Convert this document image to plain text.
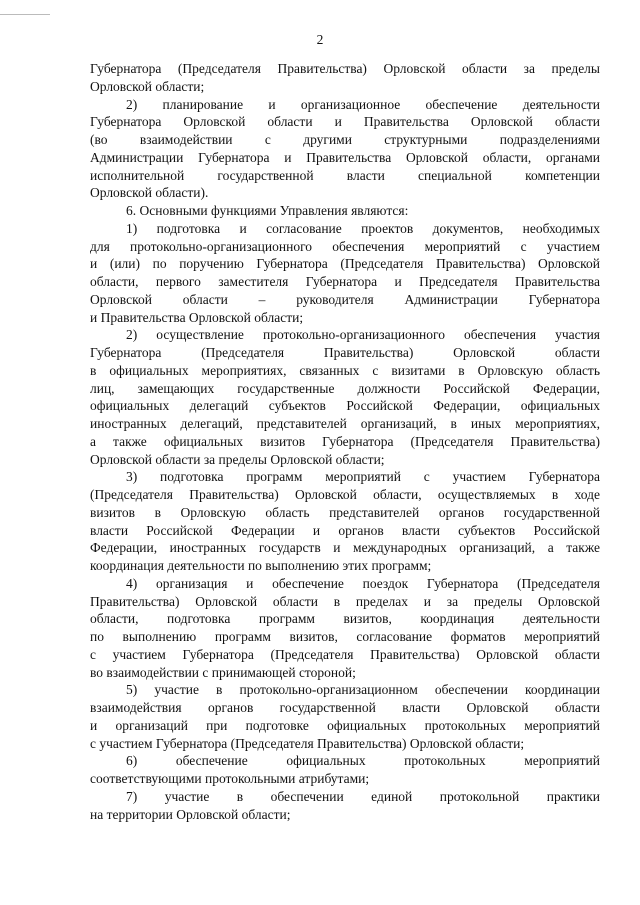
2

Губернатора (Председателя Правительства) Орловской области за пределы
Орловской области;

2) планирование и организационное обеспечение деятельности
Губернатора Орловской области и Правительства Орловской области
(во взаимодействии с другими структурными подразделениями
Администрации Губернатора и Правительства Орловской области, органами
исполнительной государственной власти специальной компетенции
Орловской области).

6. Основными функциями Управления являются:

1) подготовка и согласование проектов документов, необходимых
для протокольно-организационного обеспечения мероприятий с участием
и (или) по поручению Губернатора (Председателя Правительства) Орловской
области, первого заместителя Губернатора и Председателя Правительства
Орловской области – руководителя Администрации Губернатора
и Правительства Орловской области;

2) осуществление протокольно-организационного обеспечения участия
Губернатора (Председателя Правительства) Орловской области
в официальных мероприятиях, связанных с визитами в Орловскую область
лиц, замещающих государственные должности Российской Федерации,
официальных делегаций субъектов Российской Федерации, официальных
иностранных делегаций, представителей организаций, в иных мероприятиях,
а также официальных визитов Губернатора (Председателя Правительства)
Орловской области за пределы Орловской области;

3) подготовка программ мероприятий с участием Губернатора
(Председателя Правительства) Орловской области, осуществляемых в ходе
визитов в Орловскую область представителей органов государственной
власти Российской Федерации и органов власти субъектов Российской
Федерации, иностранных государств и международных организаций, а также
координация деятельности по выполнению этих программ;

4) организация и обеспечение поездок Губернатора (Председателя
Правительства) Орловской области в пределах и за пределы Орловской
области, подготовка программ визитов, координация деятельности
по выполнению программ визитов, согласование форматов мероприятий
с участием Губернатора (Председателя Правительства) Орловской области
во взаимодействии с принимающей стороной;

5) участие в протокольно-организационном обеспечении координации
взаимодействия органов государственной власти Орловской области
и организаций при подготовке официальных протокольных мероприятий
с участием Губернатора (Председателя Правительства) Орловской области;

6) обеспечение официальных протокольных мероприятий
соответствующими протокольными атрибутами;

7) участие в обеспечении единой протокольной практики
на территории Орловской области;
